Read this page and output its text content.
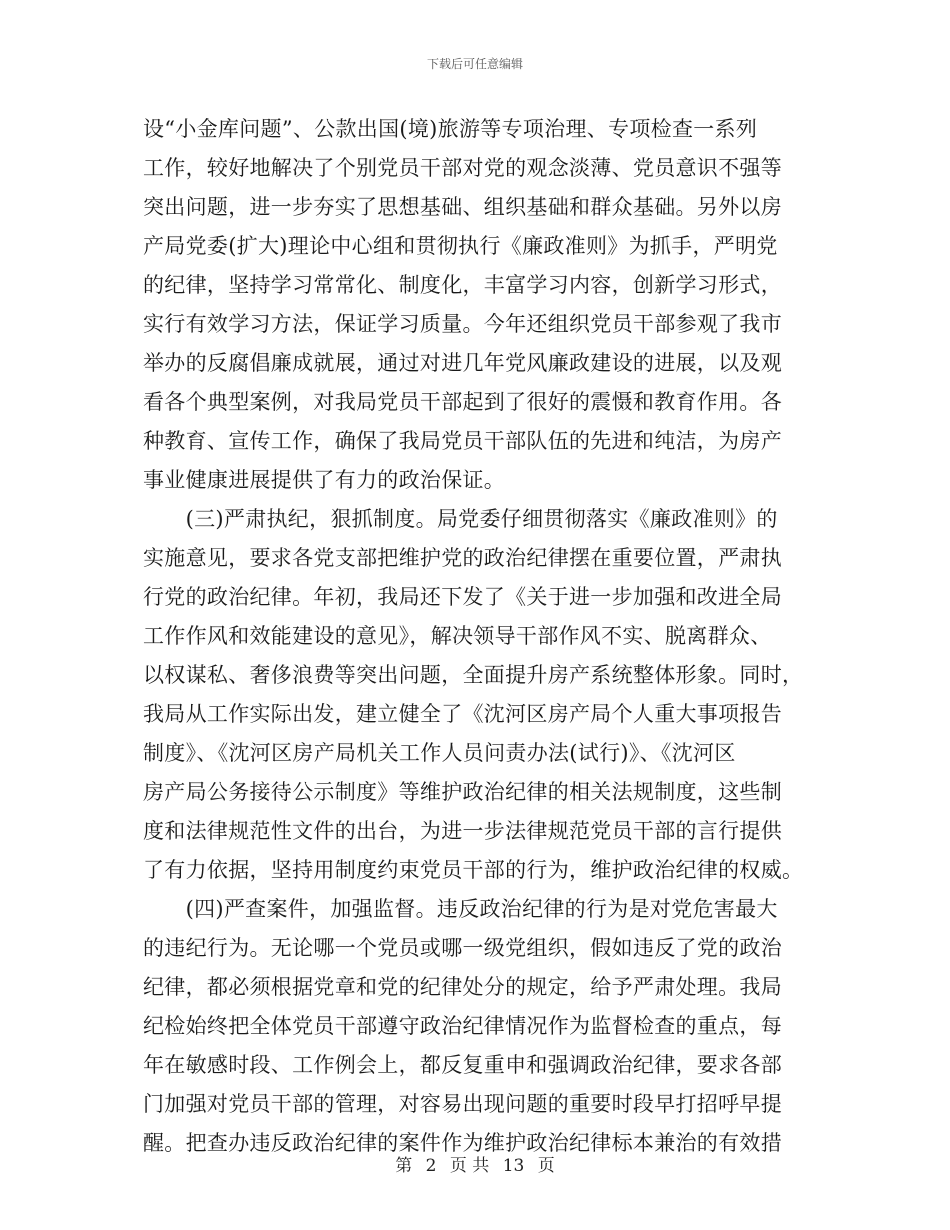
下载后可任意编辑
设“小金库问题”、公款出国(境)旅游等专项治理、专项检查一系列
工作，较好地解决了个别党员干部对党的观念淡薄、党员意识不强等
突出问题，进一步夯实了思想基础、组织基础和群众基础。另外以房
产局党委(扩大)理论中心组和贯彻执行《廉政准则》为抓手，严明党
的纪律，坚持学习常常化、制度化，丰富学习内容，创新学习形式，
实行有效学习方法，保证学习质量。今年还组织党员干部参观了我市
举办的反腐倡廉成就展，通过对进几年党风廉政建设的进展，以及观
看各个典型案例，对我局党员干部起到了很好的震慑和教育作用。各
种教育、宣传工作，确保了我局党员干部队伍的先进和纯洁，为房产
事业健康进展提供了有力的政治保证。
　　(三)严肃执纪，狠抓制度。局党委仔细贯彻落实《廉政准则》的
实施意见，要求各党支部把维护党的政治纪律摆在重要位置，严肃执
行党的政治纪律。年初，我局还下发了《关于进一步加强和改进全局
工作作风和效能建设的意见》，解决领导干部作风不实、脱离群众、
以权谋私、奢侈浪费等突出问题，全面提升房产系统整体形象。同时，
我局从工作实际出发，建立健全了《沈河区房产局个人重大事项报告
制度》、《沈河区房产局机关工作人员问责办法(试行)》、《沈河区
房产局公务接待公示制度》等维护政治纪律的相关法规制度，这些制
度和法律规范性文件的出台，为进一步法律规范党员干部的言行提供
了有力依据，坚持用制度约束党员干部的行为，维护政治纪律的权威。
　　(四)严查案件，加强监督。违反政治纪律的行为是对党危害最大
的违纪行为。无论哪一个党员或哪一级党组织，假如违反了党的政治
纪律，都必须根据党章和党的纪律处分的规定，给予严肃处理。我局
纪检始终把全体党员干部遵守政治纪律情况作为监督检查的重点，每
年在敏感时段、工作例会上，都反复重申和强调政治纪律，要求各部
门加强对党员干部的管理，对容易出现问题的重要时段早打招呼早提
醒。把查办违反政治纪律的案件作为维护政治纪律标本兼治的有效措
第 2 页 共 13 页
